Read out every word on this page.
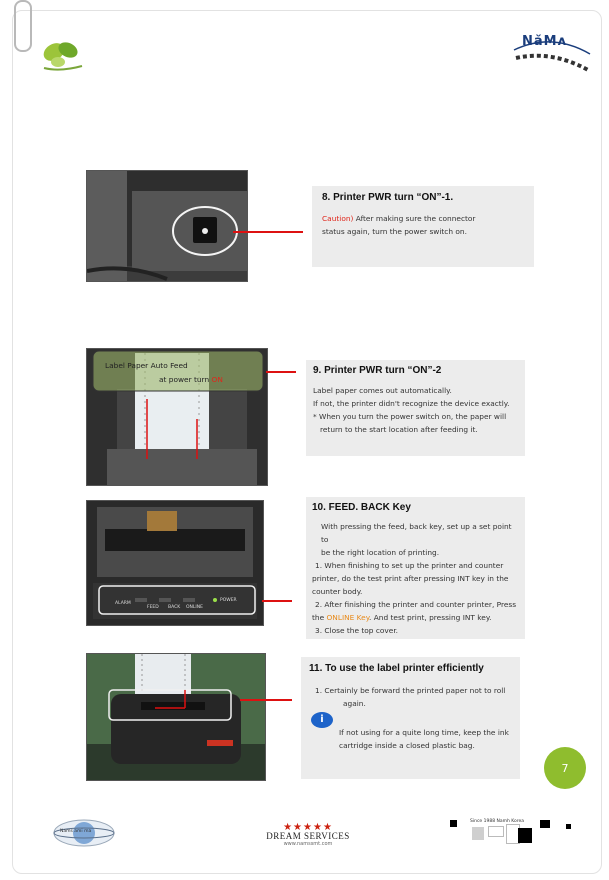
NăMʌ
8. Printer PWR turn “ON”-1.

Caution) After making sure the connector

status again, turn the power switch on.

Label Paper Auto Feed
at power turn ON
9. Printer PWR turn “ON”-2

Label paper comes out automatically.

If not, the printer didn't recognize the device exactly.

* When you turn the power switch on, the paper will

return to the start location after feeding it.

ALARM
FEED BACK ONLINE
POWER
10. FEED. BACK Key

With pressing the feed, back key, set up a set point to

be the right location of printing.

1. When finishing to set up the printer and counter

printer, do the test print after pressing INT key in the

counter body.

2. After finishing the printer and counter printer, Press

the ONLINE Key. And test print, pressing INT key.

3. Close the top cover.

11. To use the label printer efficiently

1. Certainly be forward the printed paper not to roll

again.

i

If not using for a quite long time, keep the ink

cartridge inside a closed plastic bag.

7
Nams ami ma	★★★★★
DREAM SERVICES
www.namssmt.com
Since 1988 Namh Korea
